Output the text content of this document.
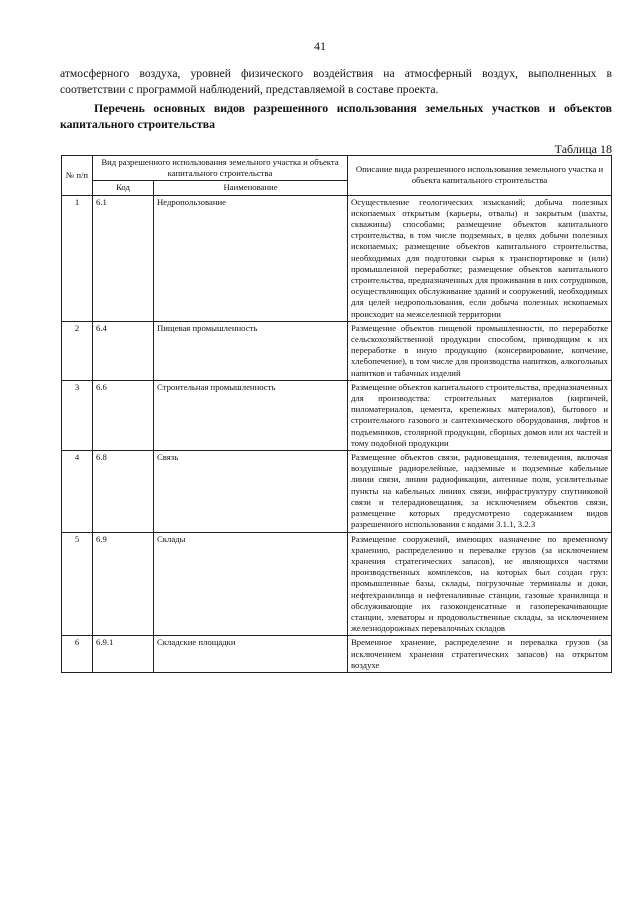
41
атмосферного воздуха, уровней физического воздействия на атмосферный воздух, выполненных в соответствии с программой наблюдений, представляемой в составе проекта.
Перечень основных видов разрешенного использования земельных участков и объектов капитального строительства
Таблица 18
№ п/п	Вид разрешенного использования земельного участка и объекта капитального строительства		Описание вида разрешенного использования земельного участка и объекта капитального строительства
	Код	Наименование	
1	6.1	Недропользование	Осуществление геологических изысканий; добыча полезных ископаемых открытым (карьеры, отвалы) и закрытым (шахты, скважины) способами; размещение объектов капитального строительства, в том числе подземных, в целях добычи полезных ископаемых; размещение объектов капитального строительства, необходимых для подготовки сырья к транспортировке и (или) промышленной переработке; размещение объектов капитального строительства, предназначенных для проживания в них сотрудников, осуществляющих обслуживание зданий и сооружений, необходимых для целей недропользования, если добыча полезных ископаемых происходит на межселенной территории
2	6.4	Пищевая промышленность	Размещение объектов пищевой промышленности, по переработке сельскохозяйственной продукции способом, приводящим к их переработке в иную продукцию (консервирование, копчение, хлебопечение), в том числе для производства напитков, алкогольных напитков и табачных изделий
3	6.6	Строительная промышленность	Размещение объектов капитального строительства, предназначенных для производства: строительных материалов (кирпичей, пиломатериалов, цемента, крепежных материалов), бытового и строительного газового и сантехнического оборудования, лифтов и подъемников, столярной продукции, сборных домов или их частей и тому подобной продукции
4	6.8	Связь	Размещение объектов связи, радиовещания, телевидения, включая воздушные радиорелейные, надземные и подземные кабельные линии связи, линии радиофикации, антенные поля, усилительные пункты на кабельных линиях связи, инфраструктуру спутниковой связи и телерадиовещания, за исключением объектов связи, размещение которых предусмотрено содержанием видов разрешенного использования с кодами 3.1.1, 3.2.3
5	6.9	Склады	Размещение сооружений, имеющих назначение по временному хранению, распределению и перевалке грузов (за исключением хранения стратегических запасов), не являющихся частями производственных комплексов, на которых был создан груз: промышленные базы, склады, погрузочные терминалы и доки, нефтехранилища и нефтеналивные станции, газовые хранилища и обслуживающие их газоконденсатные и газоперекачивающие станции, элеваторы и продовольственные склады, за исключением железнодорожных перевалочных складов
6	6.9.1	Складские площадки	Временное хранение, распределение и перевалка грузов (за исключением хранения стратегических запасов) на открытом воздухе
